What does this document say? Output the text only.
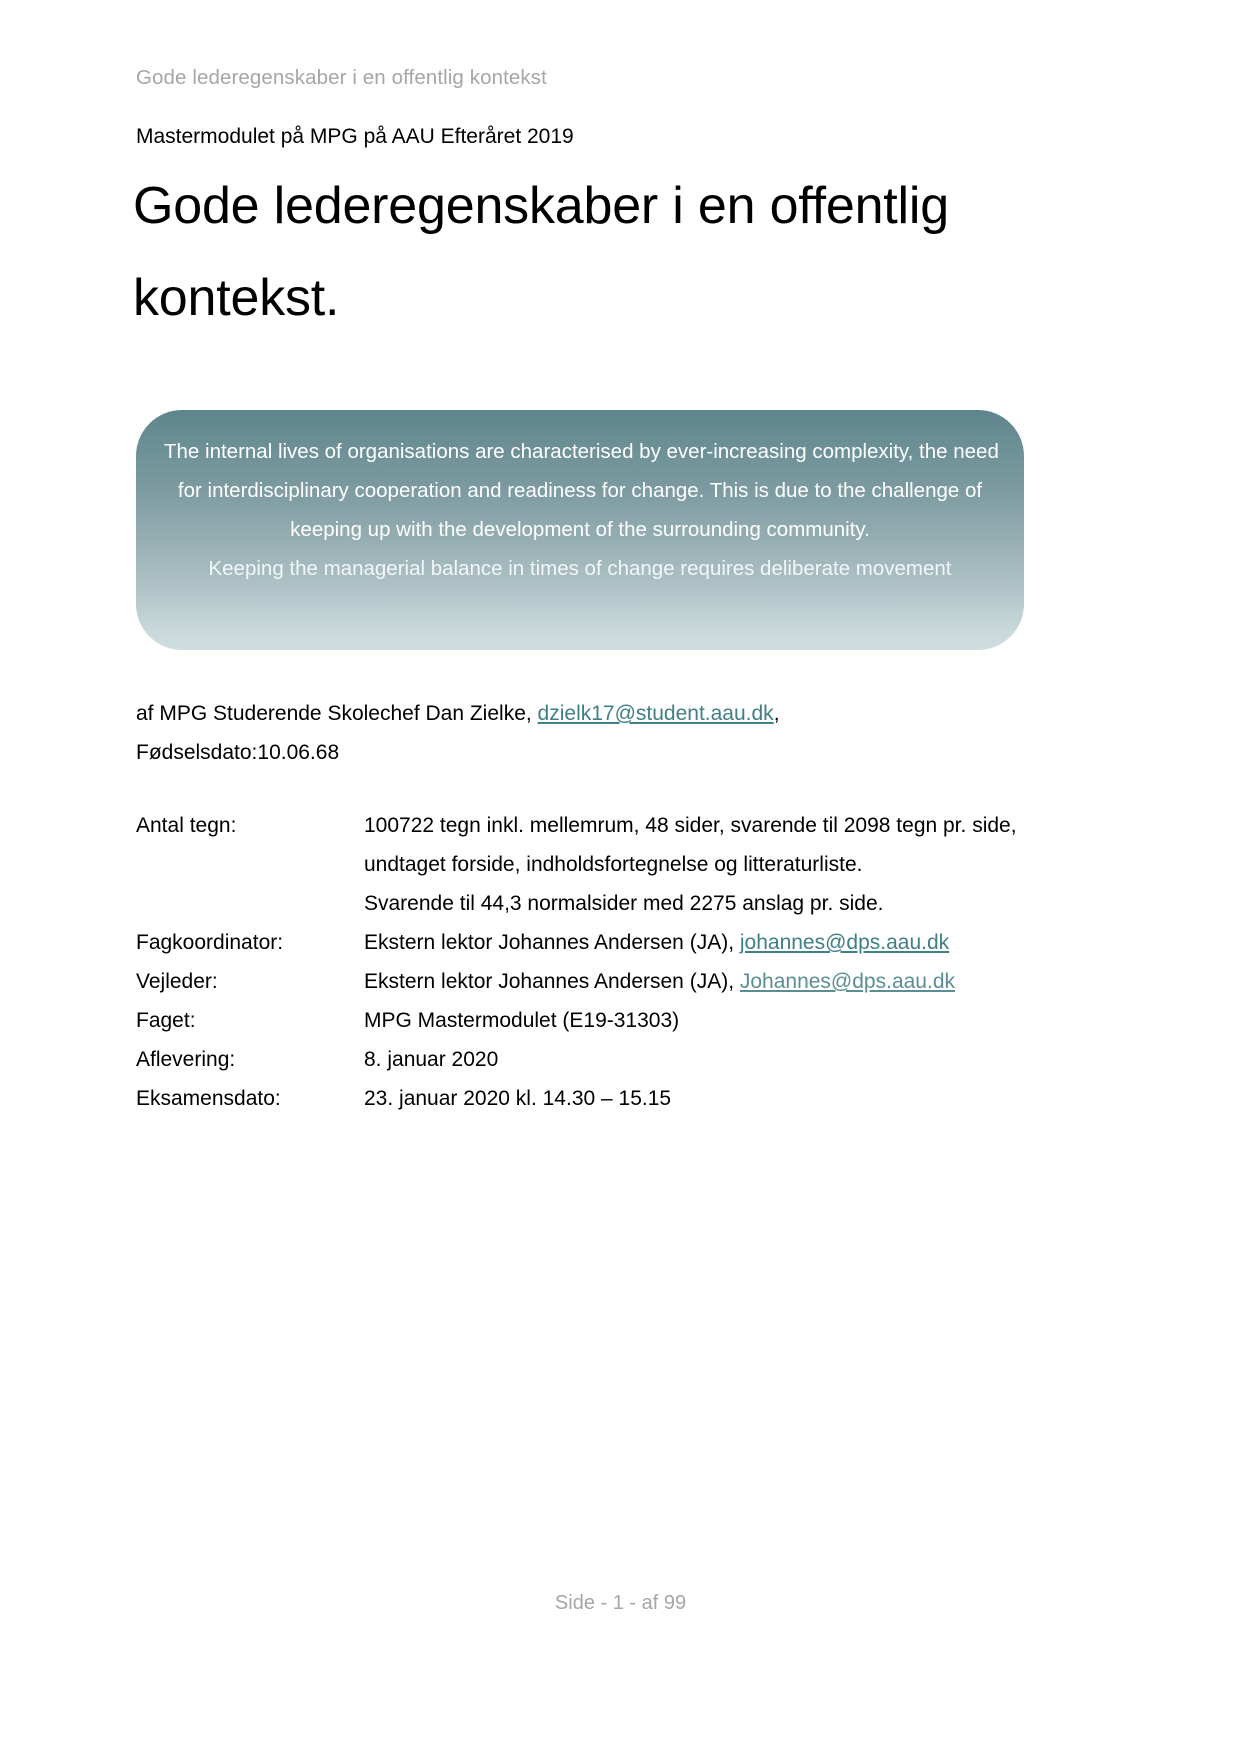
Gode lederegenskaber i en offentlig kontekst
Mastermodulet på MPG på AAU Efteråret 2019
Gode lederegenskaber i en offentlig kontekst.
The internal lives of organisations are characterised by ever-increasing complexity, the need
for interdisciplinary cooperation and readiness for change. This is due to the challenge of
keeping up with the development of the surrounding community.
Keeping the managerial balance in times of change requires deliberate movement
af MPG Studerende Skolechef Dan Zielke, dzielk17@student.aau.dk,
Fødselsdato:10.06.68
Antal tegn:	100722 tegn inkl. mellemrum, 48 sider, svarende til 2098 tegn pr. side,
undtaget forside, indholdsfortegnelse og litteraturliste.
Svarende til 44,3 normalsider med 2275 anslag pr. side.

Fagkoordinator:	Ekstern lektor Johannes Andersen (JA), johannes@dps.aau.dk
Vejleder:	Ekstern lektor Johannes Andersen (JA), Johannes@dps.aau.dk
Faget:	MPG Mastermodulet (E19-31303)
Aflevering:	8. januar 2020
Eksamensdato:	23. januar 2020 kl. 14.30 – 15.15
Side - 1 - af 99
